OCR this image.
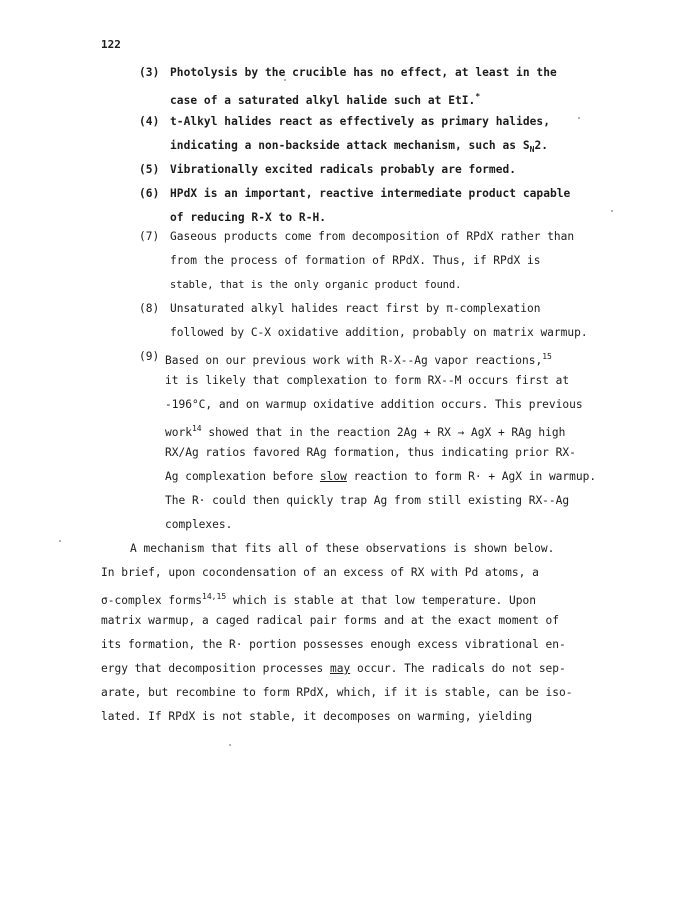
122
(3) Photolysis by the crucible has no effect, at least in the
case of a saturated alkyl halide such at EtI.*
(4) t-Alkyl halides react as effectively as primary halides,
indicating a non-backside attack mechanism, such as $S_N2$.
(5) Vibrationally excited radicals probably are formed.
(6) HPdX is an important, reactive intermediate product capable
of reducing R-X to R-H.
(7) Gaseous products come from decomposition of RPdX rather than
from the process of formation of RPdX. Thus, if RPdX is
stable, that is the only organic product found.
(8) Unsaturated alkyl halides react first by π-complexation
followed by C-X oxidative addition, probably on matrix warmup.
(9) Based on our previous work with R-X--Ag vapor reactions,$^{15}$
it is likely that complexation to form RX--M occurs first at
-196°C, and on warmup oxidative addition occurs. This previous
work$^{14}$ showed that in the reaction 2Ag + RX → AgX + RAg high
RX/Ag ratios favored RAg formation, thus indicating prior RX-
Ag complexation before slow reaction to form R· + AgX in warmup.
The R· could then quickly trap Ag from still existing RX--Ag
complexes.
A mechanism that fits all of these observations is shown below.
In brief, upon cocondensation of an excess of RX with Pd atoms, a
σ-complex forms$^{14,15}$ which is stable at that low temperature. Upon
matrix warmup, a caged radical pair forms and at the exact moment of
its formation, the R· portion possesses enough excess vibrational en-
ergy that decomposition processes may occur. The radicals do not sep-
arate, but recombine to form RPdX, which, if it is stable, can be iso-
lated. If RPdX is not stable, it decomposes on warming, yielding
